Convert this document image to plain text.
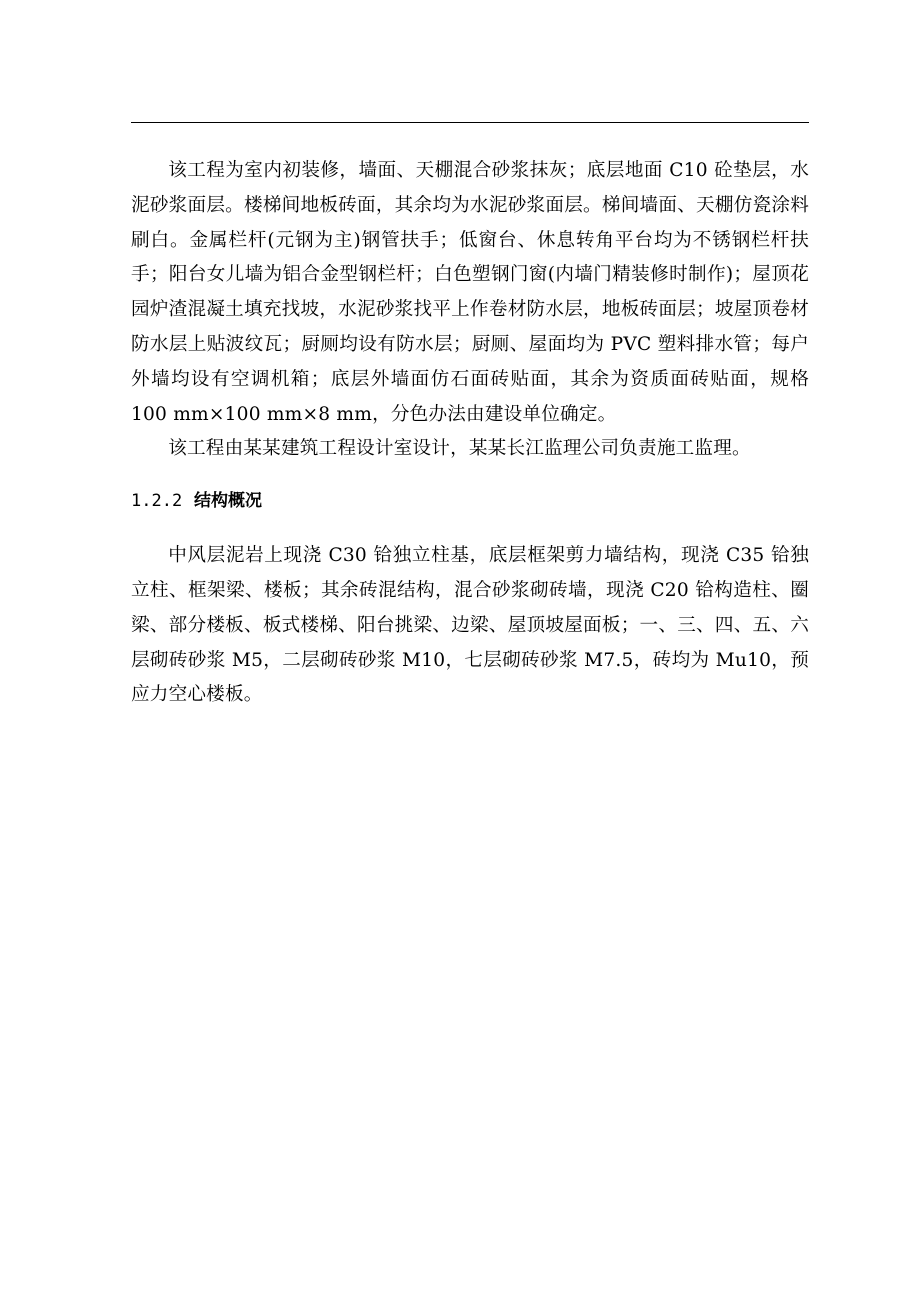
该工程为室内初装修，墙面、天棚混合砂浆抹灰；底层地面 C10 砼垫层，水泥砂浆面层。楼梯间地板砖面，其余均为水泥砂浆面层。梯间墙面、天棚仿瓷涂料刷白。金属栏杆(元钢为主)钢管扶手；低窗台、休息转角平台均为不锈钢栏杆扶手；阳台女儿墙为铝合金型钢栏杆；白色塑钢门窗(内墙门精装修时制作)；屋顶花园炉渣混凝土填充找坡，水泥砂浆找平上作卷材防水层，地板砖面层；坡屋顶卷材防水层上贴波纹瓦；厨厕均设有防水层；厨厕、屋面均为 PVC 塑料排水管；每户外墙均设有空调机箱；底层外墙面仿石面砖贴面，其余为资质面砖贴面，规格 100 mm×100 mm×8 mm，分色办法由建设单位确定。

该工程由某某建筑工程设计室设计，某某长江监理公司负责施工监理。

1.2.2 结构概况

中风层泥岩上现浇 C30 铪独立柱基，底层框架剪力墙结构，现浇 C35 铪独立柱、框架梁、楼板；其余砖混结构，混合砂浆砌砖墙，现浇 C20 铪构造柱、圈梁、部分楼板、板式楼梯、阳台挑梁、边梁、屋顶坡屋面板；一、三、四、五、六层砌砖砂浆 M5，二层砌砖砂浆 M10，七层砌砖砂浆 M7.5，砖均为 Mu10，预应力空心楼板。
